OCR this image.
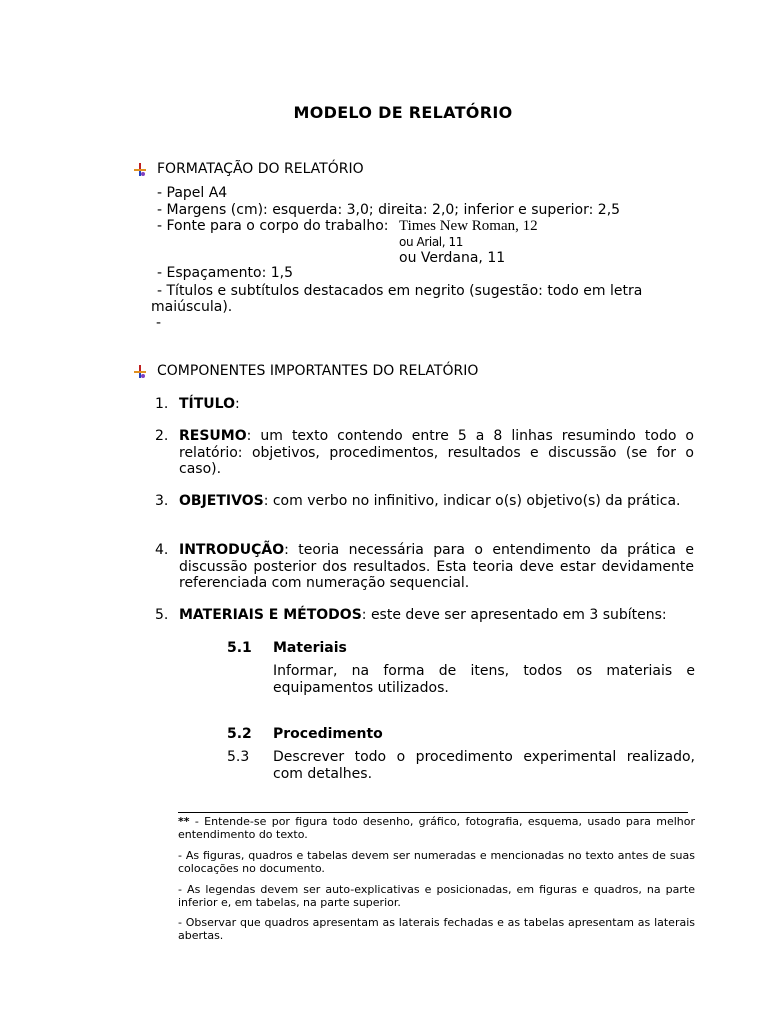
MODELO DE RELATÓRIO
FORMATAÇÃO DO RELATÓRIO
- Papel A4
- Margens (cm): esquerda: 3,0; direita: 2,0; inferior e superior: 2,5
- Fonte para o corpo do trabalho: Times New Roman, 12
ou Arial, 11
ou Verdana, 11
- Espaçamento: 1,5
- Títulos e subtítulos destacados em negrito (sugestão: todo em letra
maiúscula).
-
COMPONENTES IMPORTANTES DO RELATÓRIO
1. TÍTULO:
2. RESUMO: um texto contendo entre 5 a 8 linhas resumindo todo o relatório: objetivos, procedimentos, resultados e discussão (se for o caso).
3. OBJETIVOS: com verbo no infinitivo, indicar o(s) objetivo(s) da prática.
4. INTRODUÇÃO: teoria necessária para o entendimento da prática e discussão posterior dos resultados. Esta teoria deve estar devidamente referenciada com numeração sequencial.
5. MATERIAIS E MÉTODOS: este deve ser apresentado em 3 subítens:
5.1 Materiais
Informar, na forma de itens, todos os materiais e equipamentos utilizados.
5.2 Procedimento
5.3 Descrever todo o procedimento experimental realizado, com detalhes.
** - Entende-se por figura todo desenho, gráfico, fotografia, esquema, usado para melhor entendimento do texto.
- As figuras, quadros e tabelas devem ser numeradas e mencionadas no texto antes de suas colocações no documento.
- As legendas devem ser auto-explicativas e posicionadas, em figuras e quadros, na parte inferior e, em tabelas, na parte superior.
- Observar que quadros apresentam as laterais fechadas e as tabelas apresentam as laterais abertas.
